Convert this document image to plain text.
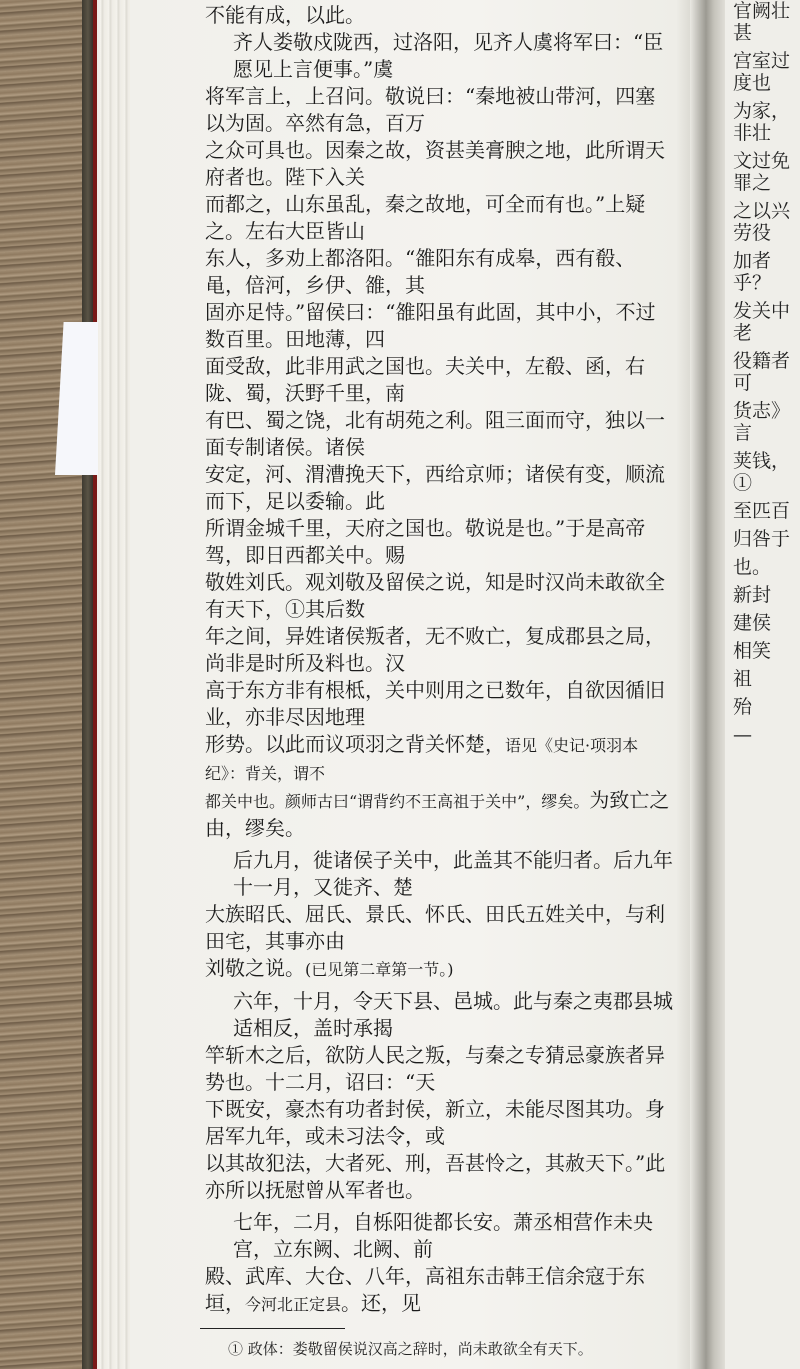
官阙壮甚
宫室过度也
为家，非壮
文过免罪之
之以兴劳役
加者乎？
发关中老
役籍者可
货志》言
荚钱，①
至匹百
归咎于
也。
新封
建侯
相笑
祖
殆
—
不能有成，以此。
齐人娄敬戍陇西，过洛阳，见齐人虞将军曰：“臣愿见上言便事。”虞
将军言上，上召问。敬说曰：“秦地被山带河，四塞以为固。卒然有急，百万
之众可具也。因秦之故，资甚美膏腴之地，此所谓天府者也。陛下入关
而都之，山东虽乱，秦之故地，可全而有也。”上疑之。左右大臣皆山
东人，多劝上都洛阳。“雒阳东有成皋，西有殽、黾，倍河，乡伊、雒，其
固亦足恃。”留侯曰：“雒阳虽有此固，其中小，不过数百里。田地薄，四
面受敌，此非用武之国也。夫关中，左殽、函，右陇、蜀，沃野千里，南
有巴、蜀之饶，北有胡苑之利。阻三面而守，独以一面专制诸侯。诸侯
安定，河、渭漕挽天下，西给京师；诸侯有变，顺流而下，足以委输。此
所谓金城千里，天府之国也。敬说是也。”于是高帝驾，即日西都关中。赐
敬姓刘氏。观刘敬及留侯之说，知是时汉尚未敢欲全有天下，①其后数
年之间，异姓诸侯叛者，无不败亡，复成郡县之局，尚非是时所及料也。汉
高于东方非有根柢，关中则用之已数年，自欲因循旧业，亦非尽因地理
形势。以此而议项羽之背关怀楚，语见《史记·项羽本纪》：背关，谓不
都关中也。颜师古曰“谓背约不王高祖于关中”，缪矣。为致亡之由，缪矣。
后九月，徙诸侯子关中，此盖其不能归者。后九年十一月，又徙齐、楚
大族昭氏、屈氏、景氏、怀氏、田氏五姓关中，与利田宅，其事亦由
刘敬之说。(已见第二章第一节。)
六年，十月，令天下县、邑城。此与秦之夷郡县城适相反，盖时承揭
竿斩木之后，欲防人民之叛，与秦之专猜忌豪族者异势也。十二月，诏曰：“天
下既安，豪杰有功者封侯，新立，未能尽图其功。身居军九年，或未习法令，或
以其故犯法，大者死、刑，吾甚怜之，其赦天下。”此亦所以抚慰曾从军者也。
七年，二月，自栎阳徙都长安。萧丞相营作未央宫，立东阙、北阙、前
殿、武库、大仓、八年，高祖东击韩王信余寇于东垣，今河北正定县。还，见
① 政体：娄敬留侯说汉高之辞时，尚未敢欲全有天下。
